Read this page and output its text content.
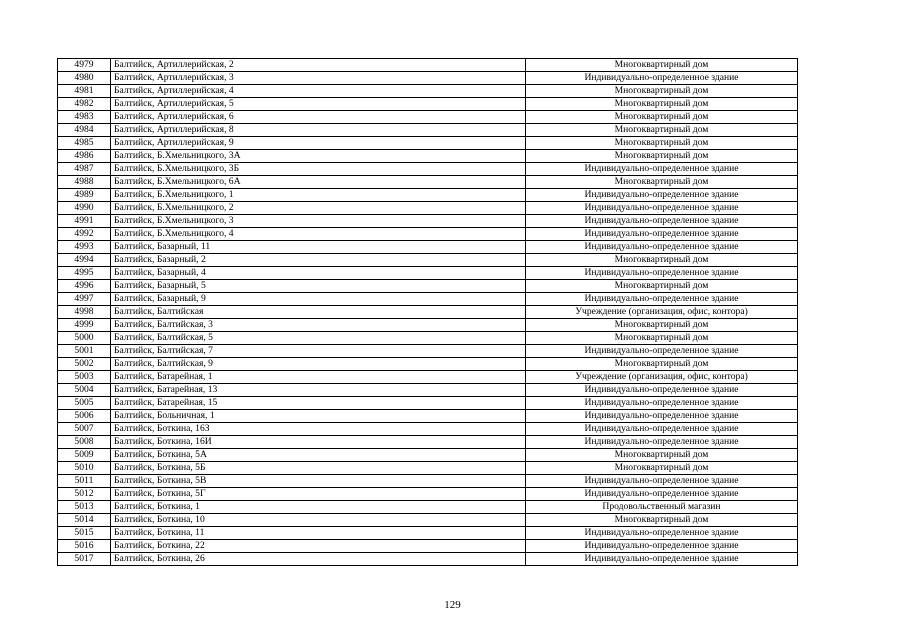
4979	Балтийск, Артиллерийская, 2	Многоквартирный дом
4980	Балтийск, Артиллерийская, 3	Индивидуально-определенное здание
4981	Балтийск, Артиллерийская, 4	Многоквартирный дом
4982	Балтийск, Артиллерийская, 5	Многоквартирный дом
4983	Балтийск, Артиллерийская, 6	Многоквартирный дом
4984	Балтийск, Артиллерийская, 8	Многоквартирный дом
4985	Балтийск, Артиллерийская, 9	Многоквартирный дом
4986	Балтийск, Б.Хмельницкого, 3А	Многоквартирный дом
4987	Балтийск, Б.Хмельницкого, 3Б	Индивидуально-определенное здание
4988	Балтийск, Б.Хмельницкого, 6А	Многоквартирный дом
4989	Балтийск, Б.Хмельницкого, 1	Индивидуально-определенное здание
4990	Балтийск, Б.Хмельницкого, 2	Индивидуально-определенное здание
4991	Балтийск, Б.Хмельницкого, 3	Индивидуально-определенное здание
4992	Балтийск, Б.Хмельницкого, 4	Индивидуально-определенное здание
4993	Балтийск, Базарный, 11	Индивидуально-определенное здание
4994	Балтийск, Базарный, 2	Многоквартирный дом
4995	Балтийск, Базарный, 4	Индивидуально-определенное здание
4996	Балтийск, Базарный, 5	Многоквартирный дом
4997	Балтийск, Базарный, 9	Индивидуально-определенное здание
4998	Балтийск, Балтийская	Учреждение (организация, офис, контора)
4999	Балтийск, Балтийская, 3	Многоквартирный дом
5000	Балтийск, Балтийская, 5	Многоквартирный дом
5001	Балтийск, Балтийская, 7	Индивидуально-определенное здание
5002	Балтийск, Балтийская, 9	Многоквартирный дом
5003	Балтийск, Батарейная, 1	Учреждение (организация, офис, контора)
5004	Балтийск, Батарейная, 13	Индивидуально-определенное здание
5005	Балтийск, Батарейная, 15	Индивидуально-определенное здание
5006	Балтийск, Больничная, 1	Индивидуально-определенное здание
5007	Балтийск, Боткина, 16З	Индивидуально-определенное здание
5008	Балтийск, Боткина, 16И	Индивидуально-определенное здание
5009	Балтийск, Боткина, 5А	Многоквартирный дом
5010	Балтийск, Боткина, 5Б	Многоквартирный дом
5011	Балтийск, Боткина, 5В	Индивидуально-определенное здание
5012	Балтийск, Боткина, 5Г	Индивидуально-определенное здание
5013	Балтийск, Боткина, 1	Продовольственный магазин
5014	Балтийск, Боткина, 10	Многоквартирный дом
5015	Балтийск, Боткина, 11	Индивидуально-определенное здание
5016	Балтийск, Боткина, 22	Индивидуально-определенное здание
5017	Балтийск, Боткина, 26	Индивидуально-определенное здание
129
